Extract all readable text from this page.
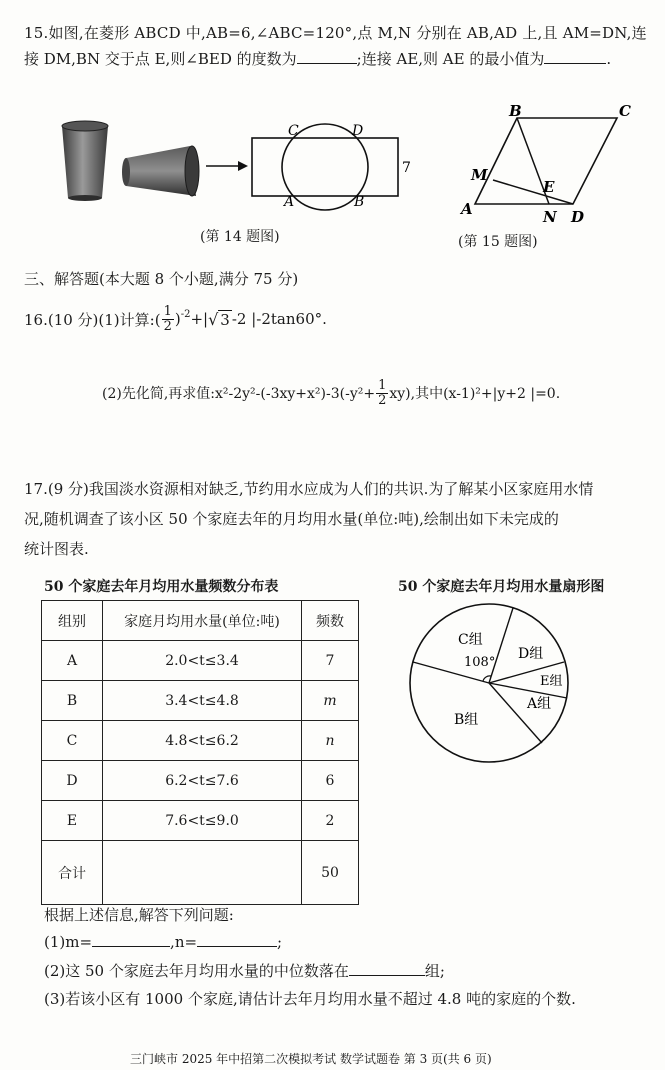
15.如图,在菱形 ABCD 中,AB=6,∠ABC=120°,点 M,N 分别在 AB,AD 上,且 AM=DN,连
接 DM,BN 交于点 E,则∠BED 的度数为	;连接 AE,则 AE 的最小值为	.
C	D
A	B
7
(第 14 题图)
B	C
M
E
A	N D
(第 15 题图)
三、解答题(本大题 8 个小题,满分 75 分)
16.(10 分)(1)计算:( $\frac{1}{2} )^{-2}$ +| √ 3 -2 |-2tan60°.
(2)先化简,再求值:x²-2y²-(-3xy+x²)-3(-y²+ $\frac{1}{2} xy$),其中(x-1)²+|y+2 |=0.
17.(9 分)我国淡水资源相对缺乏,节约用水应成为人们的共识.为了解某小区家庭用水情
况,随机调查了该小区 50 个家庭去年的月均用水量(单位:吨),绘制出如下未完成的
统计图表.
50 个家庭去年月均用水量频数分布表	50 个家庭去年月均用水量扇形图
组别	家庭月均用水量(单位:吨)	频数
A	2.0<t≤3.4	7
B	3.4<t≤4.8	m
C	4.8<t≤6.2	n
D	6.2<t≤7.6	6
E	7.6<t≤9.0	2
合计		50
C组
108°
D组
E组
A组
B组
根据上述信息,解答下列问题:
(1)m=	,n=	;
(2)这 50 个家庭去年月均用水量的中位数落在	组;
(3)若该小区有 1000 个家庭,请估计去年月均用水量不超过 4.8 吨的家庭的个数.
三门峡市 2025 年中招第二次模拟考试 数学试题卷 第 3 页(共 6 页)
